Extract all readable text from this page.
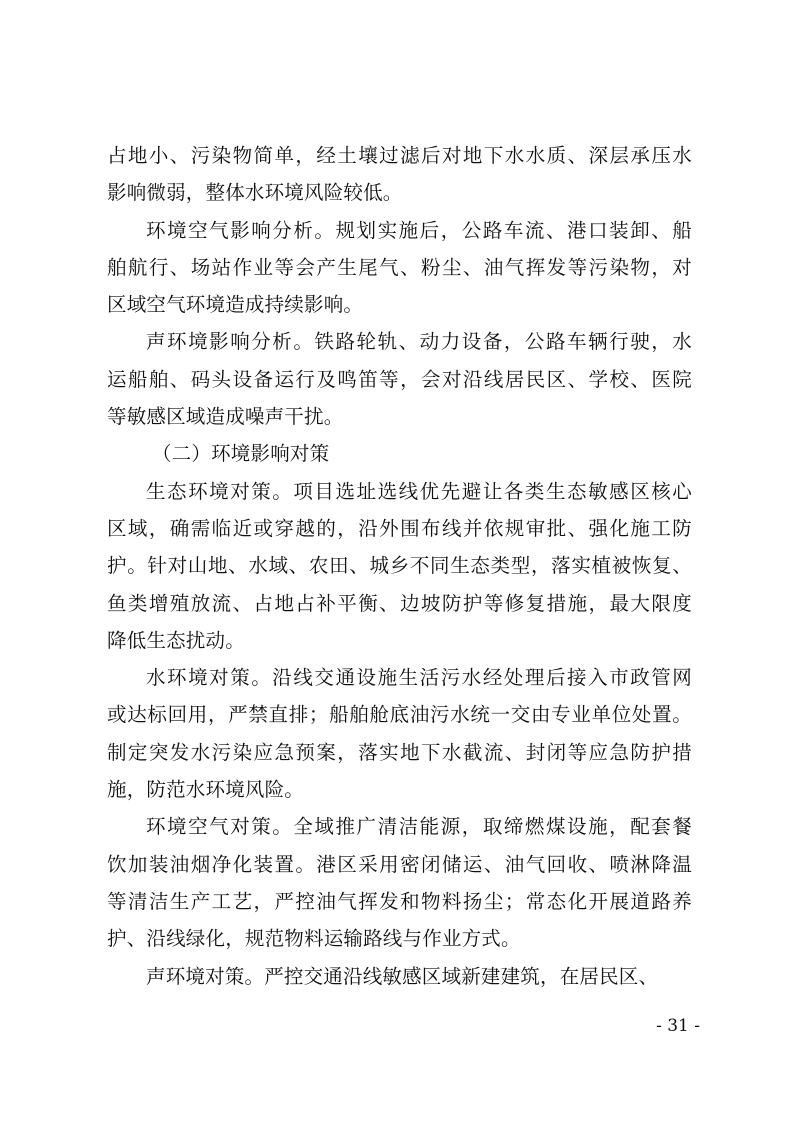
占地小、污染物简单，经土壤过滤后对地下水水质、深层承压水
影响微弱，整体水环境风险较低。
环境空气影响分析。规划实施后，公路车流、港口装卸、船
舶航行、场站作业等会产生尾气、粉尘、油气挥发等污染物，对
区域空气环境造成持续影响。
声环境影响分析。铁路轮轨、动力设备，公路车辆行驶，水
运船舶、码头设备运行及鸣笛等，会对沿线居民区、学校、医院
等敏感区域造成噪声干扰。
（二）环境影响对策
生态环境对策。项目选址选线优先避让各类生态敏感区核心
区域，确需临近或穿越的，沿外围布线并依规审批、强化施工防
护。针对山地、水域、农田、城乡不同生态类型，落实植被恢复、
鱼类增殖放流、占地占补平衡、边坡防护等修复措施，最大限度
降低生态扰动。
水环境对策。沿线交通设施生活污水经处理后接入市政管网
或达标回用，严禁直排；船舶舱底油污水统一交由专业单位处置。
制定突发水污染应急预案，落实地下水截流、封闭等应急防护措
施，防范水环境风险。
环境空气对策。全域推广清洁能源，取缔燃煤设施，配套餐
饮加装油烟净化装置。港区采用密闭储运、油气回收、喷淋降温
等清洁生产工艺，严控油气挥发和物料扬尘；常态化开展道路养
护、沿线绿化，规范物料运输路线与作业方式。
声环境对策。严控交通沿线敏感区域新建建筑，在居民区、
- 31 -
